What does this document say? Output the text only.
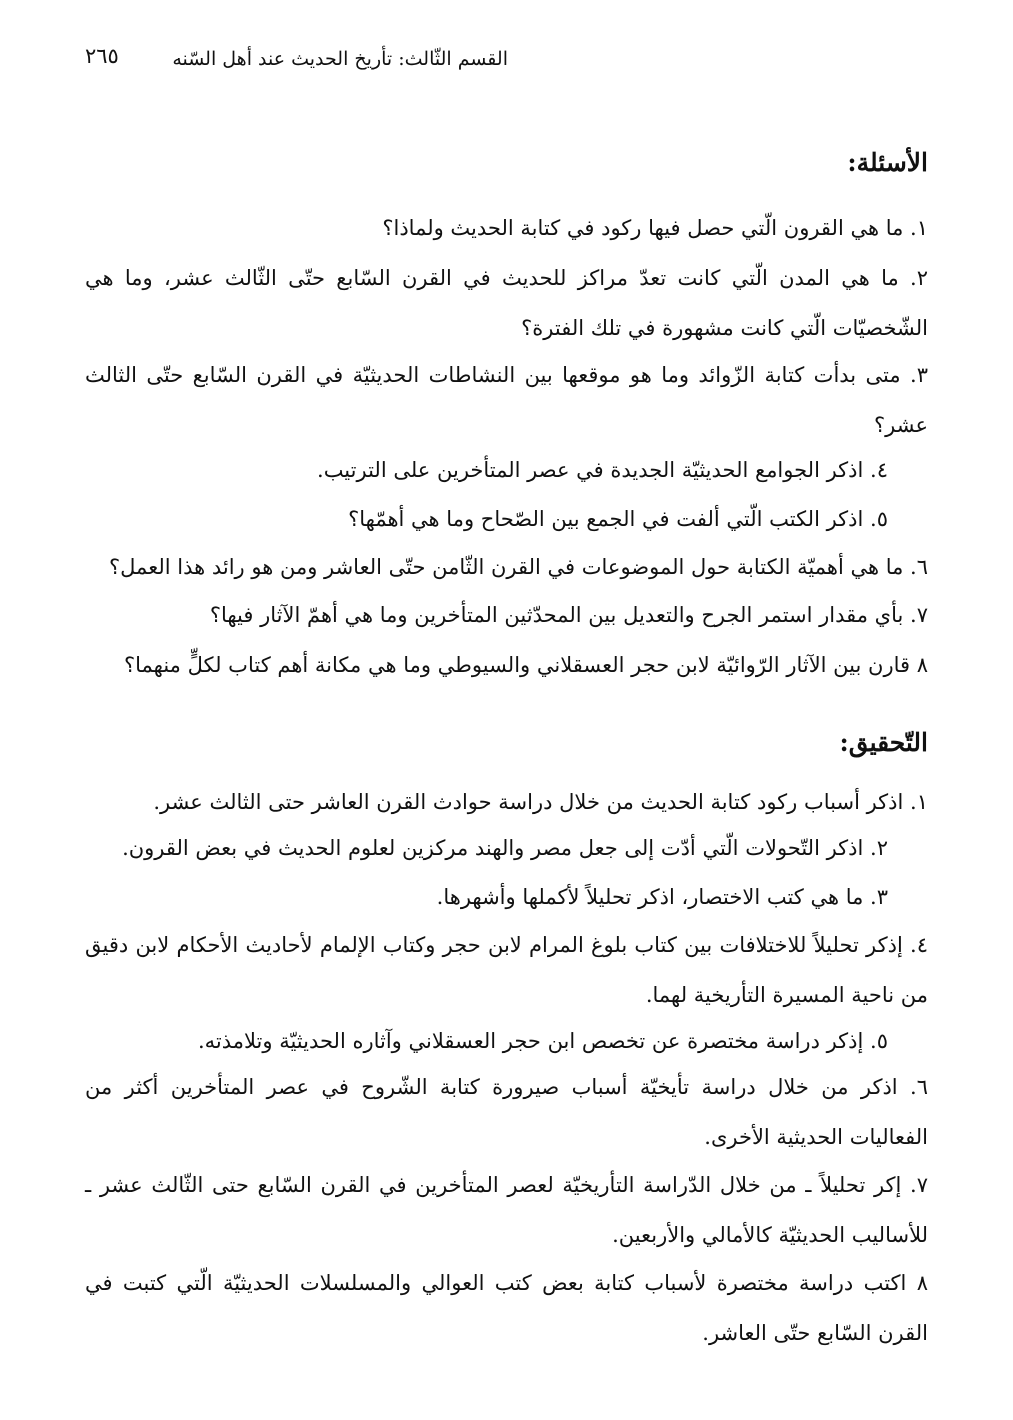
القسم الثّالث: تأريخ الحديث عند أهل السّنه
٢٦٥
الأسئلة:

١. ما هي القرون الّتي حصل فيها ركود في كتابة الحديث ولماذا؟

٢. ما هي المدن الّتي كانت تعدّ مراكز للحديث في القرن السّابع حتّى الثّالث عشر، وما هي الشّخصيّات الّتي كانت مشهورة في تلك الفترة؟

٣. متى بدأت كتابة الزّوائد وما هو موقعها بين النشاطات الحديثيّة في القرن السّابع حتّى الثالث عشر؟

٤. اذكر الجوامع الحديثيّة الجديدة في عصر المتأخرين على الترتيب.

٥. اذكر الكتب الّتي ألفت في الجمع بين الصّحاح وما هي أهمّها؟

٦. ما هي أهميّة الكتابة حول الموضوعات في القرن الثّامن حتّى العاشر ومن هو رائد هذا العمل؟

٧. بأي مقدار استمر الجرح والتعديل بين المحدّثين المتأخرين وما هي أهمّ الآثار فيها؟

٨ قارن بين الآثار الرّوائيّة لابن حجر العسقلاني والسيوطي وما هي مكانة أهم كتاب لكلٍّ منهما؟

التّحقيق:

١. اذكر أسباب ركود كتابة الحديث من خلال دراسة حوادث القرن العاشر حتى الثالث عشر.

٢. اذكر التّحولات الّتي أدّت إلى جعل مصر والهند مركزين لعلوم الحديث في بعض القرون.

٣. ما هي كتب الاختصار، اذكر تحليلاً لأكملها وأشهرها.

٤. إذكر تحليلاً للاختلافات بين كتاب بلوغ المرام لابن حجر وكتاب الإلمام لأحاديث الأحكام لابن دقيق من ناحية المسيرة التأريخية لهما.

٥. إذكر دراسة مختصرة عن تخصص ابن حجر العسقلاني وآثاره الحديثيّة وتلامذته.

٦. اذكر من خلال دراسة تأيخيّة أسباب صيرورة كتابة الشّروح في عصر المتأخرين أكثر من الفعاليات الحديثية الأخرى.

٧. إكر تحليلاً ـ من خلال الدّراسة التأريخيّة لعصر المتأخرين في القرن السّابع حتى الثّالث عشر ـ للأساليب الحديثيّة كالأمالي والأربعين.

٨ اكتب دراسة مختصرة لأسباب كتابة بعض كتب العوالي والمسلسلات الحديثيّة الّتي كتبت في القرن السّابع حتّى العاشر.
